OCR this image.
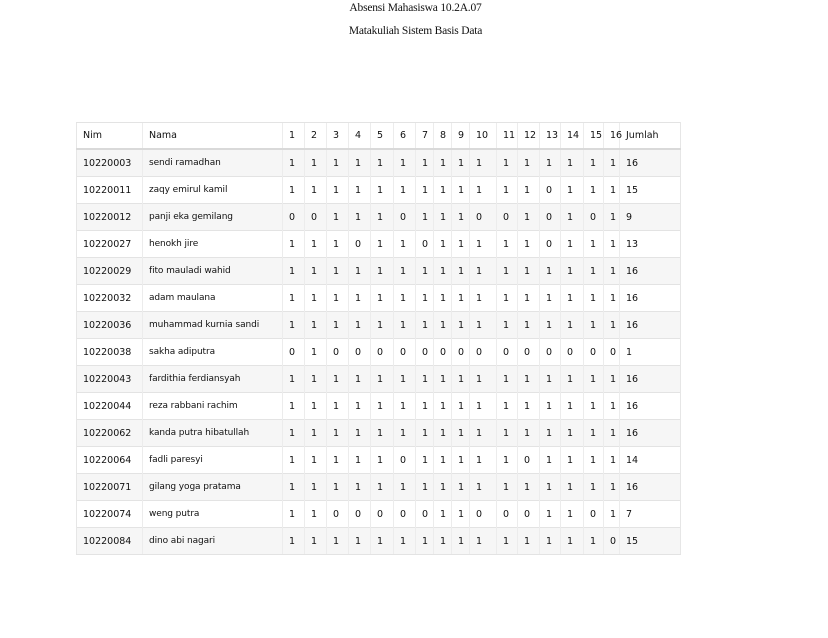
Absensi Mahasiswa 10.2A.07
Matakuliah Sistem Basis Data
Nim	Nama	1	2	3	4	5	6	7	8	9	10	11	12	13	14	15	16	Jumlah
10220003	sendi ramadhan	1	1	1	1	1	1	1	1	1	1	1	1	1	1	1	1	16
10220011	zaqy emirul kamil	1	1	1	1	1	1	1	1	1	1	1	1	0	1	1	1	15
10220012	panji eka gemilang	0	0	1	1	1	0	1	1	1	0	0	1	0	1	0	1	9
10220027	henokh jire	1	1	1	0	1	1	0	1	1	1	1	1	0	1	1	1	13
10220029	fito mauladi wahid	1	1	1	1	1	1	1	1	1	1	1	1	1	1	1	1	16
10220032	adam maulana	1	1	1	1	1	1	1	1	1	1	1	1	1	1	1	1	16
10220036	muhammad kurnia sandi	1	1	1	1	1	1	1	1	1	1	1	1	1	1	1	1	16
10220038	sakha adiputra	0	1	0	0	0	0	0	0	0	0	0	0	0	0	0	0	1
10220043	fardithia ferdiansyah	1	1	1	1	1	1	1	1	1	1	1	1	1	1	1	1	16
10220044	reza rabbani rachim	1	1	1	1	1	1	1	1	1	1	1	1	1	1	1	1	16
10220062	kanda putra hibatullah	1	1	1	1	1	1	1	1	1	1	1	1	1	1	1	1	16
10220064	fadli paresyi	1	1	1	1	1	0	1	1	1	1	1	0	1	1	1	1	14
10220071	gilang yoga pratama	1	1	1	1	1	1	1	1	1	1	1	1	1	1	1	1	16
10220074	weng putra	1	1	0	0	0	0	0	1	1	0	0	0	1	1	0	1	7
10220084	dino abi nagari	1	1	1	1	1	1	1	1	1	1	1	1	1	1	1	0	15
